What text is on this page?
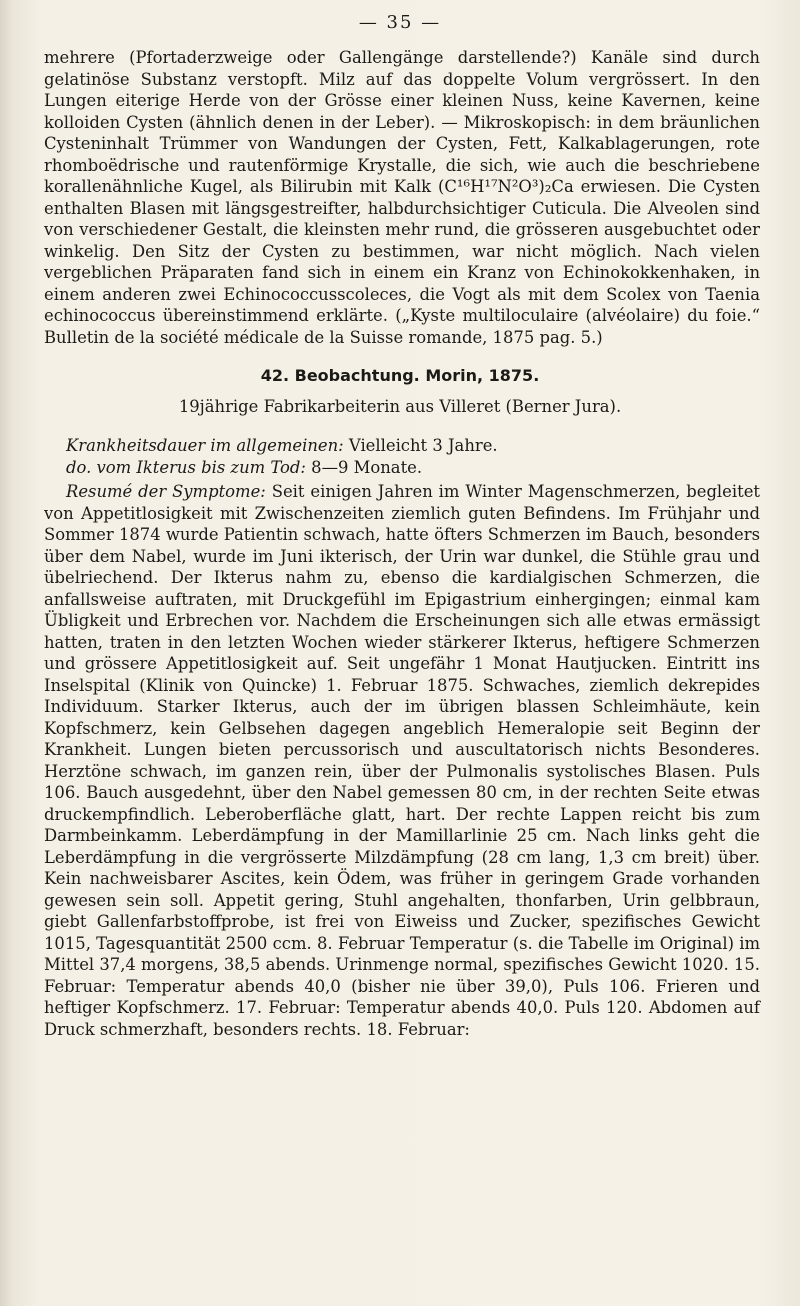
— 35 —

mehrere (Pfortaderzweige oder Gallengänge darstellende?) Kanäle sind durch gelatinöse Substanz verstopft. Milz auf das doppelte Volum vergrössert. In den Lungen eiterige Herde von der Grösse einer kleinen Nuss, keine Kavernen, keine kolloiden Cysten (ähnlich denen in der Leber). — Mikroskopisch: in dem bräunlichen Cysteninhalt Trümmer von Wandungen der Cysten, Fett, Kalkablagerungen, rote rhomboëdrische und rautenförmige Krystalle, die sich, wie auch die beschriebene korallenähnliche Kugel, als Bilirubin mit Kalk (C¹⁶H¹⁷N²O³)₂Ca erwiesen. Die Cysten enthalten Blasen mit längsgestreifter, halbdurchsichtiger Cuticula. Die Alveolen sind von verschiedener Gestalt, die kleinsten mehr rund, die grösseren ausgebuchtet oder winkelig. Den Sitz der Cysten zu bestimmen, war nicht möglich. Nach vielen vergeblichen Präparaten fand sich in einem ein Kranz von Echinokokkenhaken, in einem anderen zwei Echinococcusscoleces, die Vogt als mit dem Scolex von Taenia echinococcus übereinstimmend erklärte. („Kyste multiloculaire (alvéolaire) du foie.“ Bulletin de la société médicale de la Suisse romande, 1875 pag. 5.)

42. Beobachtung. Morin, 1875.
19jährige Fabrikarbeiterin aus Villeret (Berner Jura).
Krankheitsdauer im allgemeinen: Vielleicht 3 Jahre.
do. vom Ikterus bis zum Tod: 8—9 Monate.

Resumé der Symptome: Seit einigen Jahren im Winter Magenschmerzen, begleitet von Appetitlosigkeit mit Zwischenzeiten ziemlich guten Befindens. Im Frühjahr und Sommer 1874 wurde Patientin schwach, hatte öfters Schmerzen im Bauch, besonders über dem Nabel, wurde im Juni ikterisch, der Urin war dunkel, die Stühle grau und übelriechend. Der Ikterus nahm zu, ebenso die kardialgischen Schmerzen, die anfallsweise auftraten, mit Druckgefühl im Epigastrium einhergingen; einmal kam Übligkeit und Erbrechen vor. Nachdem die Erscheinungen sich alle etwas ermässigt hatten, traten in den letzten Wochen wieder stärkerer Ikterus, heftigere Schmerzen und grössere Appetitlosigkeit auf. Seit ungefähr 1 Monat Hautjucken. Eintritt ins Inselspital (Klinik von Quincke) 1. Februar 1875. Schwaches, ziemlich dekrepides Individuum. Starker Ikterus, auch der im übrigen blassen Schleimhäute, kein Kopfschmerz, kein Gelbsehen dagegen angeblich Hemeralopie seit Beginn der Krankheit. Lungen bieten percussorisch und auscultatorisch nichts Besonderes. Herztöne schwach, im ganzen rein, über der Pulmonalis systolisches Blasen. Puls 106. Bauch ausgedehnt, über den Nabel gemessen 80 cm, in der rechten Seite etwas druckempfindlich. Leberoberfläche glatt, hart. Der rechte Lappen reicht bis zum Darmbeinkamm. Leberdämpfung in der Mamillarlinie 25 cm. Nach links geht die Leberdämpfung in die vergrösserte Milzdämpfung (28 cm lang, 1,3 cm breit) über. Kein nachweisbarer Ascites, kein Ödem, was früher in geringem Grade vorhanden gewesen sein soll. Appetit gering, Stuhl angehalten, thonfarben, Urin gelbbraun, giebt Gallenfarbstoffprobe, ist frei von Eiweiss und Zucker, spezifisches Gewicht 1015, Tagesquantität 2500 ccm. 8. Februar Temperatur (s. die Tabelle im Original) im Mittel 37,4 morgens, 38,5 abends. Urinmenge normal, spezifisches Gewicht 1020. 15. Februar: Temperatur abends 40,0 (bisher nie über 39,0), Puls 106. Frieren und heftiger Kopfschmerz. 17. Februar: Temperatur abends 40,0. Puls 120. Abdomen auf Druck schmerzhaft, besonders rechts. 18. Februar:
